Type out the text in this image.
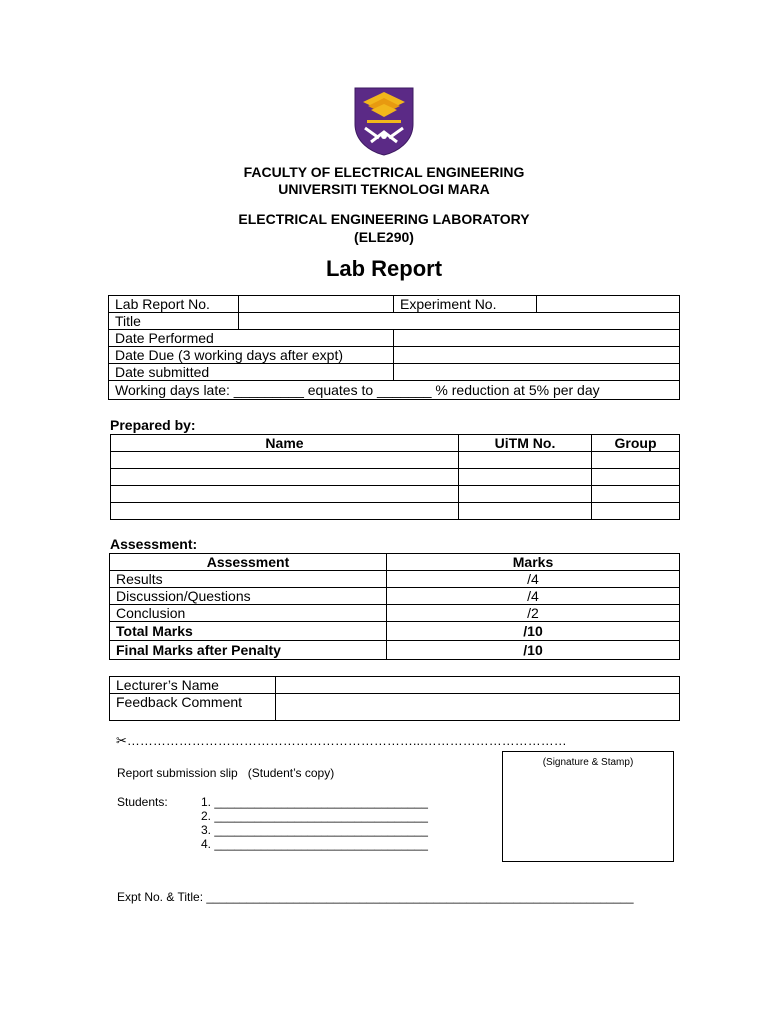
FACULTY OF ELECTRICAL ENGINEERING
UNIVERSITI TEKNOLOGI MARA
ELECTRICAL ENGINEERING LABORATORY
(ELE290)
Lab Report
Lab Report No.		Experiment No.	
Title			
Date Performed			
Date Due (3 working days after expt)			
Date submitted			
Working days late: _________ equates to _______ % reduction at 5% per day			
Prepared by:
Name	UiTM No.	Group

Assessment:
Assessment	Marks
Results	/4
Discussion/Questions	/4
Conclusion	/2
Total Marks	/10
Final Marks after Penalty	/10
Lecturer’s Name	
Feedback Comment	
✂…………………………………………………………...……………………………
Report submission slip (Student’s copy)
(Signature & Stamp)
Students:	1. ________________________________
2. ________________________________
3. ________________________________
4. ________________________________
Expt No. & Title: ________________________________________________________________
